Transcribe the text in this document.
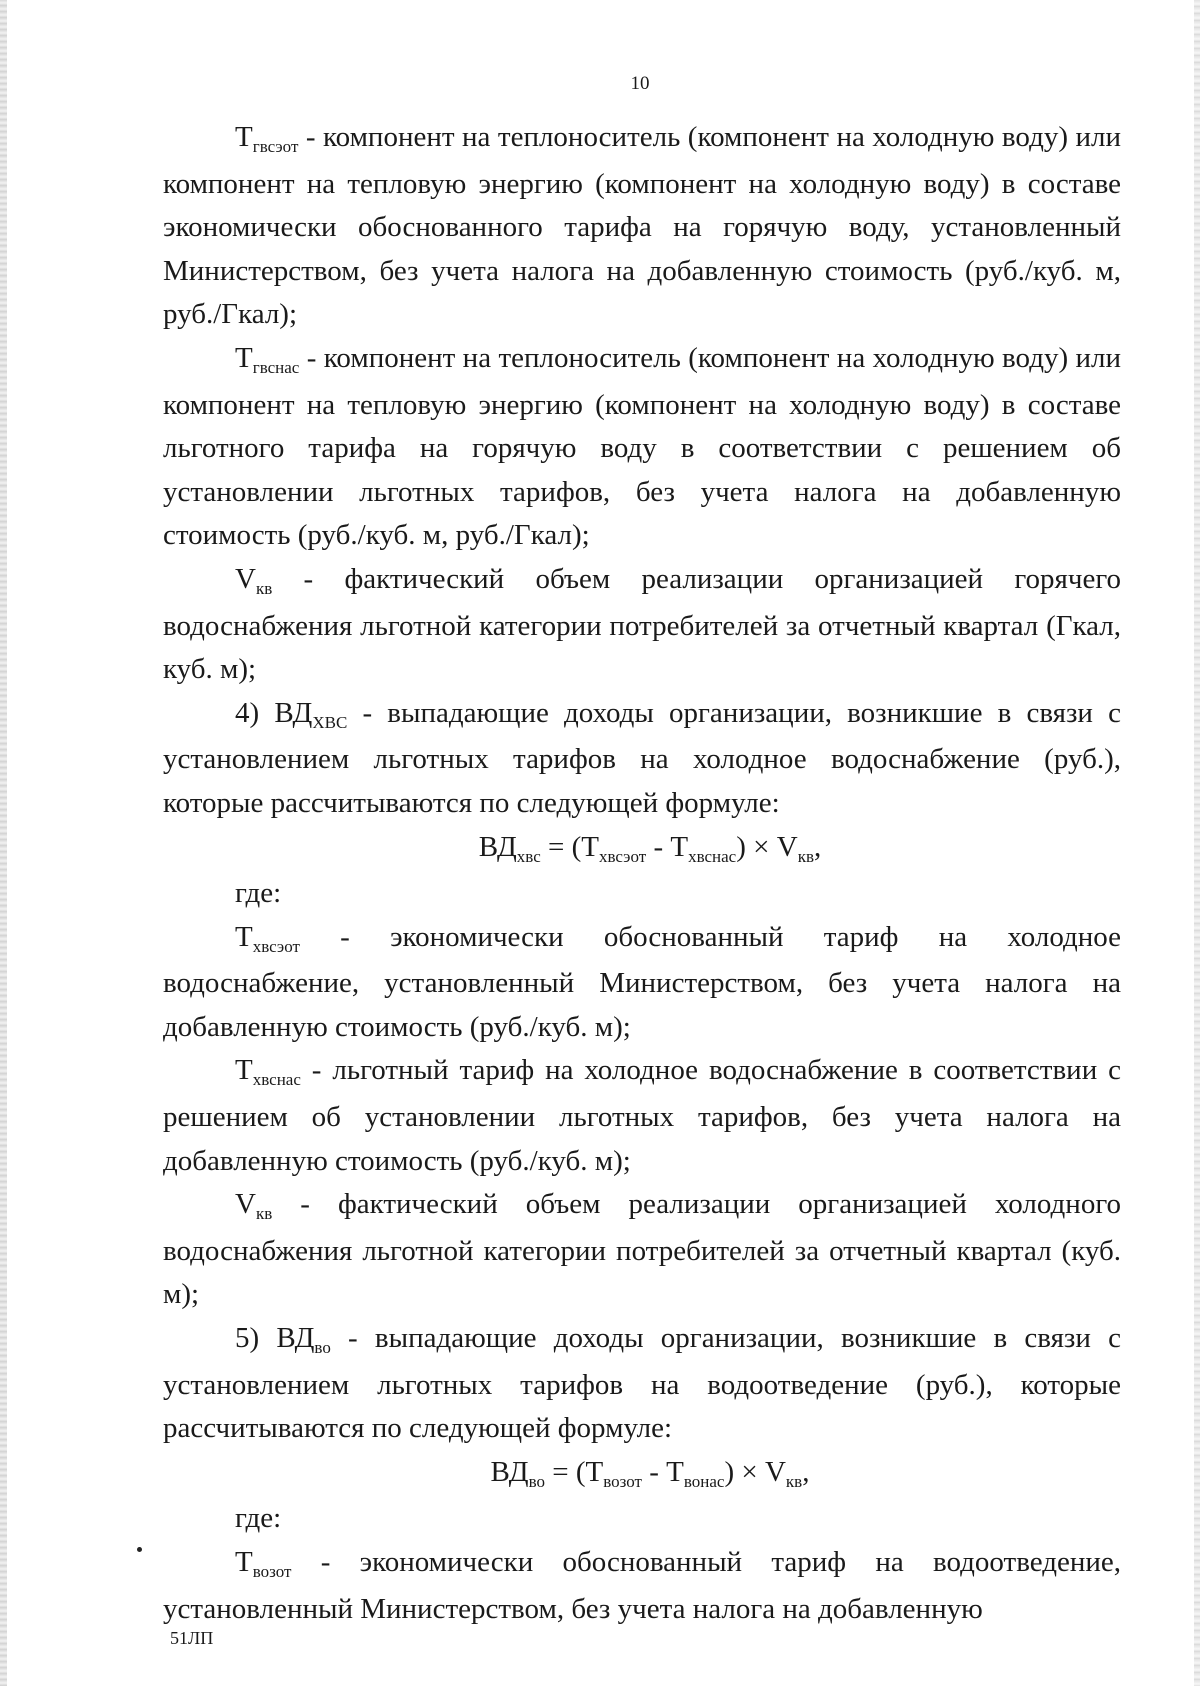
10

$Т_{гвсэот}$ - компонент на теплоноситель (компонент на холодную воду) или компонент на тепловую энергию (компонент на холодную воду) в составе экономически обоснованного тарифа на горячую воду, установленный Министерством, без учета налога на добавленную стоимость (руб./куб. м, руб./Гкал);

$Т_{гвснас}$ - компонент на теплоноситель (компонент на холодную воду) или компонент на тепловую энергию (компонент на холодную воду) в составе льготного тарифа на горячую воду в соответствии с решением об установлении льготных тарифов, без учета налога на добавленную стоимость (руб./куб. м, руб./Гкал);

$V_{кв}$ - фактический объем реализации организацией горячего водоснабжения льготной категории потребителей за отчетный квартал (Гкал, куб. м);

4) $ВД_{ХВС}$ - выпадающие доходы организации, возникшие в связи с установлением льготных тарифов на холодное водоснабжение (руб.), которые рассчитываются по следующей формуле:

$ВД_{хвс} = (Т_{хвсэот} - Т_{хвснас}) \times V_{кв}$,

где:

$Т_{хвсэот}$ - экономически обоснованный тариф на холодное водоснабжение, установленный Министерством, без учета налога на добавленную стоимость (руб./куб. м);

$Т_{хвснас}$ - льготный тариф на холодное водоснабжение в соответствии с решением об установлении льготных тарифов, без учета налога на добавленную стоимость (руб./куб. м);

$V_{кв}$ - фактический объем реализации организацией холодного водоснабжения льготной категории потребителей за отчетный квартал (куб. м);

5) $ВД_{во}$ - выпадающие доходы организации, возникшие в связи с установлением льготных тарифов на водоотведение (руб.), которые рассчитываются по следующей формуле:

$ВД_{во} = (Т_{возот} - Т_{вонас}) \times V_{кв}$,

где:

$Т_{возот}$ - экономически обоснованный тариф на водоотведение, установленный Министерством, без учета налога на добавленную

51ЛП
